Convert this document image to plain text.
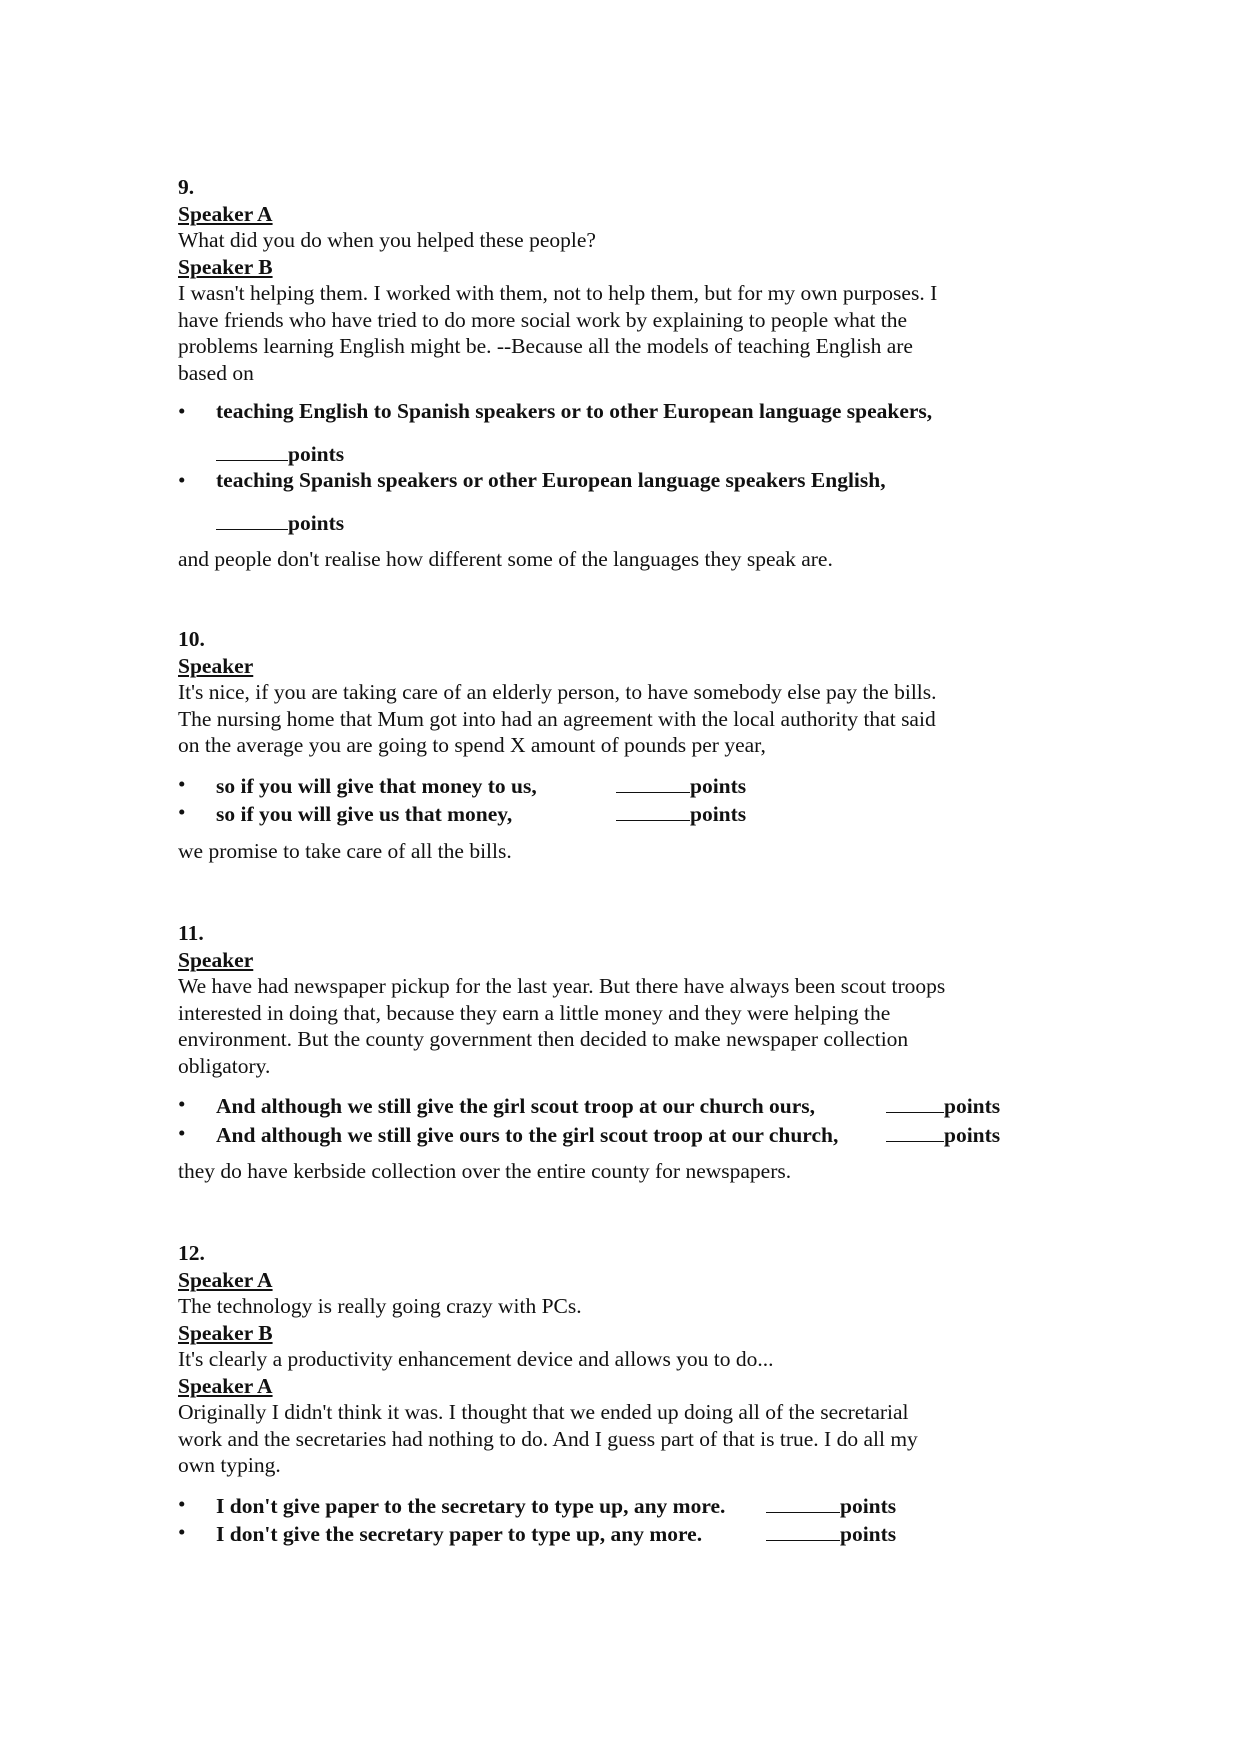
9.
Speaker A
What did you do when you helped these people?
Speaker B
I wasn't helping them. I worked with them, not to help them, but for my own purposes. I
have friends who have tried to do more social work by explaining to people what the
problems learning English might be. --Because all the models of teaching English are
based on
• teaching English to Spanish speakers or to other European language speakers,
points
• teaching Spanish speakers or other European language speakers English,
points

and people don't realise how different some of the languages they speak are.

10.
Speaker
It's nice, if you are taking care of an elderly person, to have somebody else pay the bills.
The nursing home that Mum got into had an agreement with the local authority that said
on the average you are going to spend X amount of pounds per year,
• so if you will give that money to us,	points
• so if you will give us that money,	points

we promise to take care of all the bills.

11.
Speaker
We have had newspaper pickup for the last year. But there have always been scout troops
interested in doing that, because they earn a little money and they were helping the
environment. But the county government then decided to make newspaper collection
obligatory.
• And although we still give the girl scout troop at our church ours,	points
• And although we still give ours to the girl scout troop at our church,	points

they do have kerbside collection over the entire county for newspapers.

12.
Speaker A
The technology is really going crazy with PCs.
Speaker B
It's clearly a productivity enhancement device and allows you to do...
Speaker A
Originally I didn't think it was. I thought that we ended up doing all of the secretarial
work and the secretaries had nothing to do. And I guess part of that is true. I do all my
own typing.
• I don't give paper to the secretary to type up, any more.	points
• I don't give the secretary paper to type up, any more.	points
